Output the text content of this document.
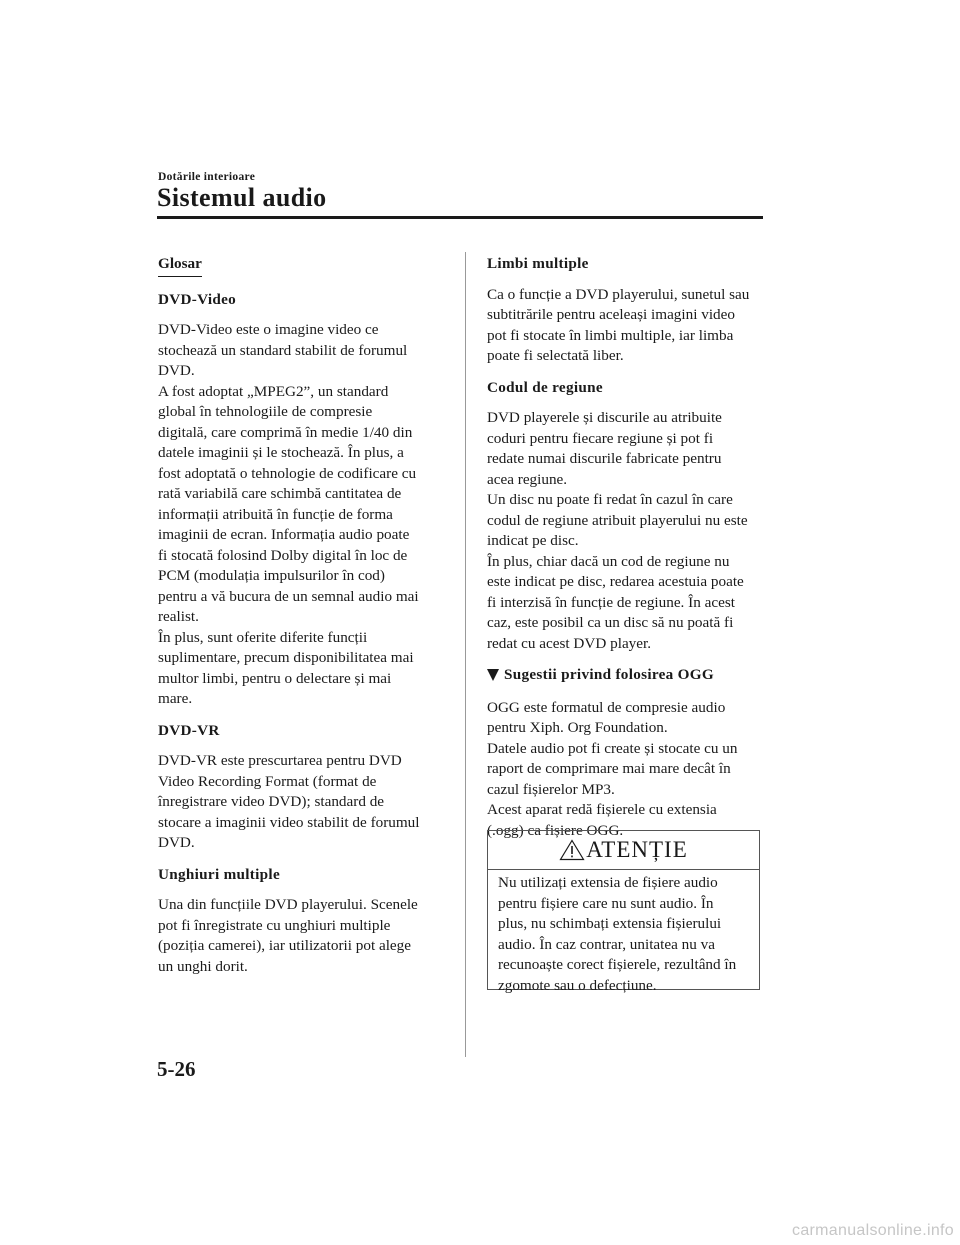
Dotările interioare
Sistemul audio
Glosar
DVD-Video
DVD-Video este o imagine video ce
stochează un standard stabilit de forumul
DVD.
A fost adoptat „MPEG2”, un standard
global în tehnologiile de compresie
digitală, care comprimă în medie 1/40 din
datele imaginii și le stochează. În plus, a
fost adoptată o tehnologie de codificare cu
rată variabilă care schimbă cantitatea de
informații atribuită în funcție de forma
imaginii de ecran. Informația audio poate
fi stocată folosind Dolby digital în loc de
PCM (modulația impulsurilor în cod)
pentru a vă bucura de un semnal audio mai
realist.
În plus, sunt oferite diferite funcții
suplimentare, precum disponibilitatea mai
multor limbi, pentru o delectare și mai
mare.
DVD-VR
DVD-VR este prescurtarea pentru DVD
Video Recording Format (format de
înregistrare video DVD); standard de
stocare a imaginii video stabilit de forumul
DVD.
Unghiuri multiple
Una din funcțiile DVD playerului. Scenele
pot fi înregistrate cu unghiuri multiple
(poziția camerei), iar utilizatorii pot alege
un unghi dorit.
Limbi multiple
Ca o funcție a DVD playerului, sunetul sau
subtitrările pentru aceleași imagini video
pot fi stocate în limbi multiple, iar limba
poate fi selectată liber.
Codul de regiune
DVD playerele și discurile au atribuite
coduri pentru fiecare regiune și pot fi
redate numai discurile fabricate pentru
acea regiune.
Un disc nu poate fi redat în cazul în care
codul de regiune atribuit playerului nu este
indicat pe disc.
În plus, chiar dacă un cod de regiune nu
este indicat pe disc, redarea acestuia poate
fi interzisă în funcție de regiune. În acest
caz, este posibil ca un disc să nu poată fi
redat cu acest DVD player.
Sugestii privind folosirea OGG
OGG este formatul de compresie audio
pentru Xiph. Org Foundation.
Datele audio pot fi create și stocate cu un
raport de comprimare mai mare decât în
cazul fișierelor MP3.
Acest aparat redă fișierele cu extensia
(.ogg) ca fișiere OGG.
ATENȚIE
Nu utilizați extensia de fișiere audio
pentru fișiere care nu sunt audio. În
plus, nu schimbați extensia fișierului
audio. În caz contrar, unitatea nu va
recunoaște corect fișierele, rezultând în
zgomote sau o defecțiune.
5-26
carmanualsonline.info
